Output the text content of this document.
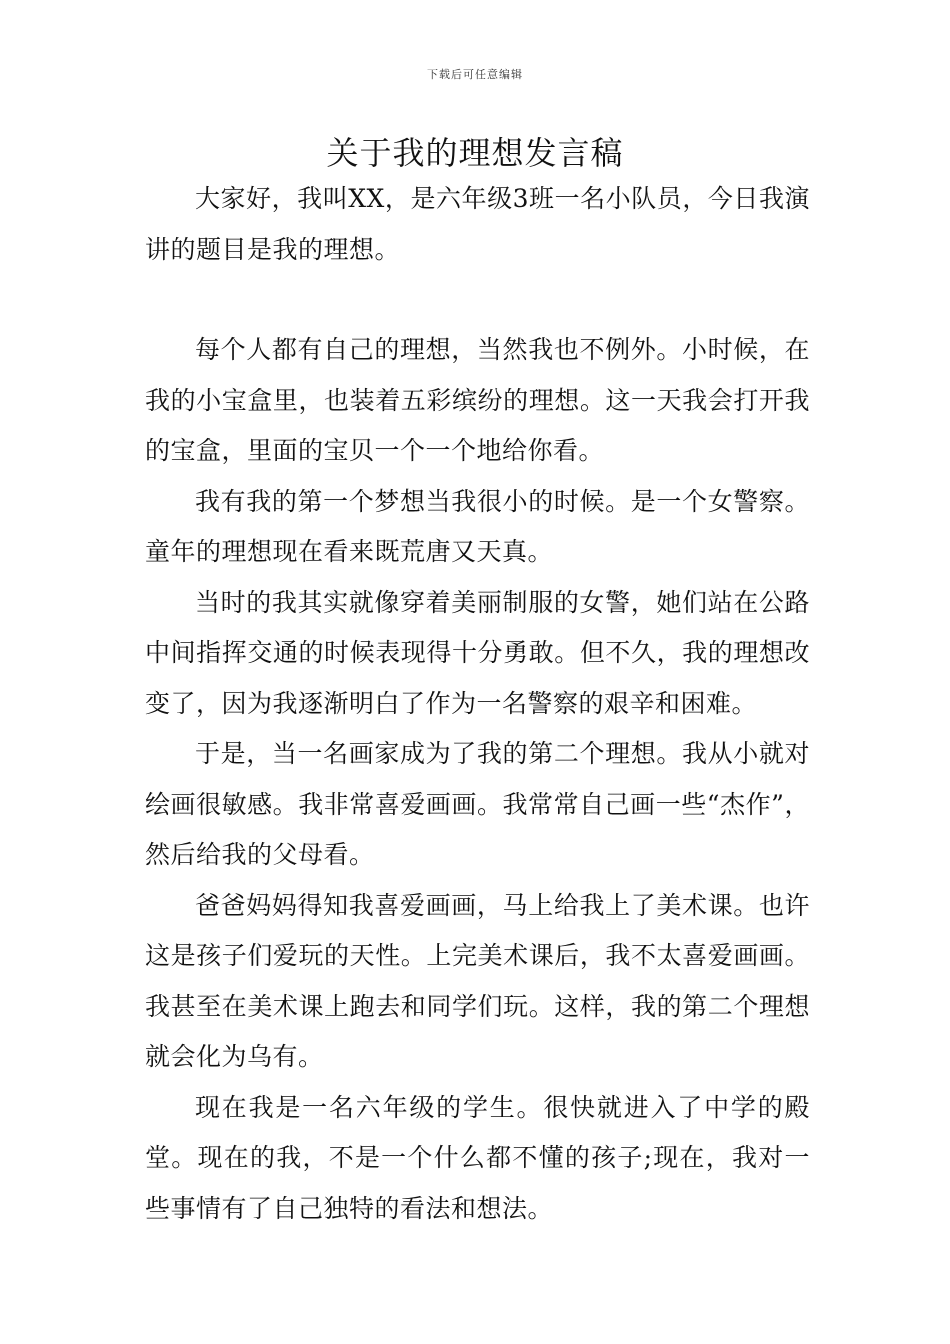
下载后可任意编辑
关于我的理想发言稿

大家好，我叫XX，是六年级3班一名小队员，今日我演讲的题目是我的理想。

每个人都有自己的理想，当然我也不例外。小时候，在我的小宝盒里，也装着五彩缤纷的理想。这一天我会打开我的宝盒，里面的宝贝一个一个地给你看。

我有我的第一个梦想当我很小的时候。是一个女警察。童年的理想现在看来既荒唐又天真。

当时的我其实就像穿着美丽制服的女警，她们站在公路中间指挥交通的时候表现得十分勇敢。但不久，我的理想改变了，因为我逐渐明白了作为一名警察的艰辛和困难。

于是，当一名画家成为了我的第二个理想。我从小就对绘画很敏感。我非常喜爱画画。我常常自己画一些“杰作”，然后给我的父母看。

爸爸妈妈得知我喜爱画画，马上给我上了美术课。也许这是孩子们爱玩的天性。上完美术课后，我不太喜爱画画。我甚至在美术课上跑去和同学们玩。这样，我的第二个理想就会化为乌有。

现在我是一名六年级的学生。很快就进入了中学的殿堂。现在的我，不是一个什么都不懂的孩子;现在，我对一些事情有了自己独特的看法和想法。
